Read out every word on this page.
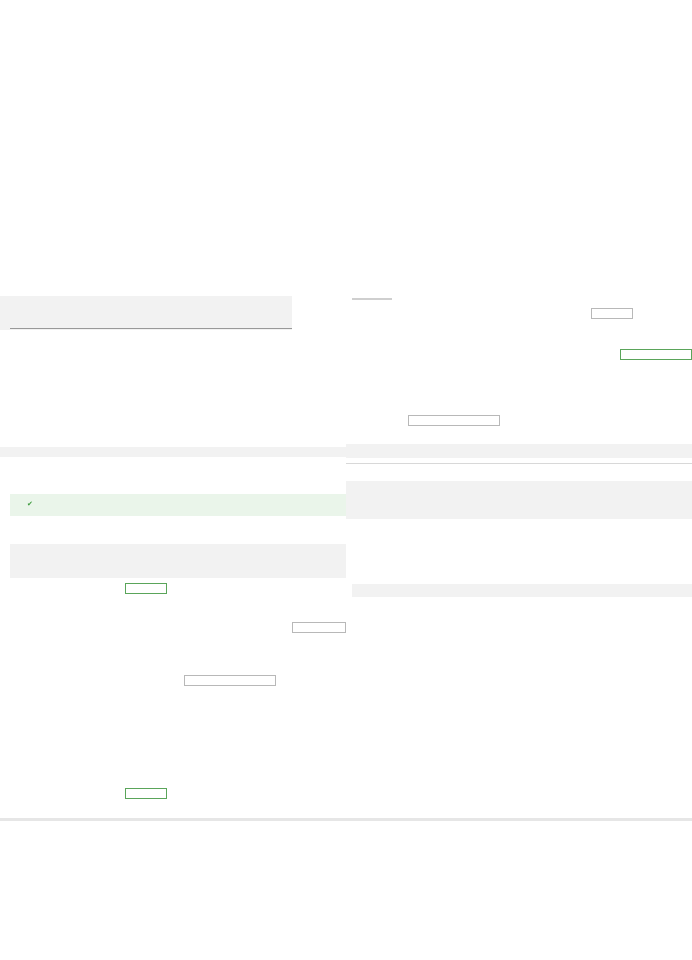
✔
